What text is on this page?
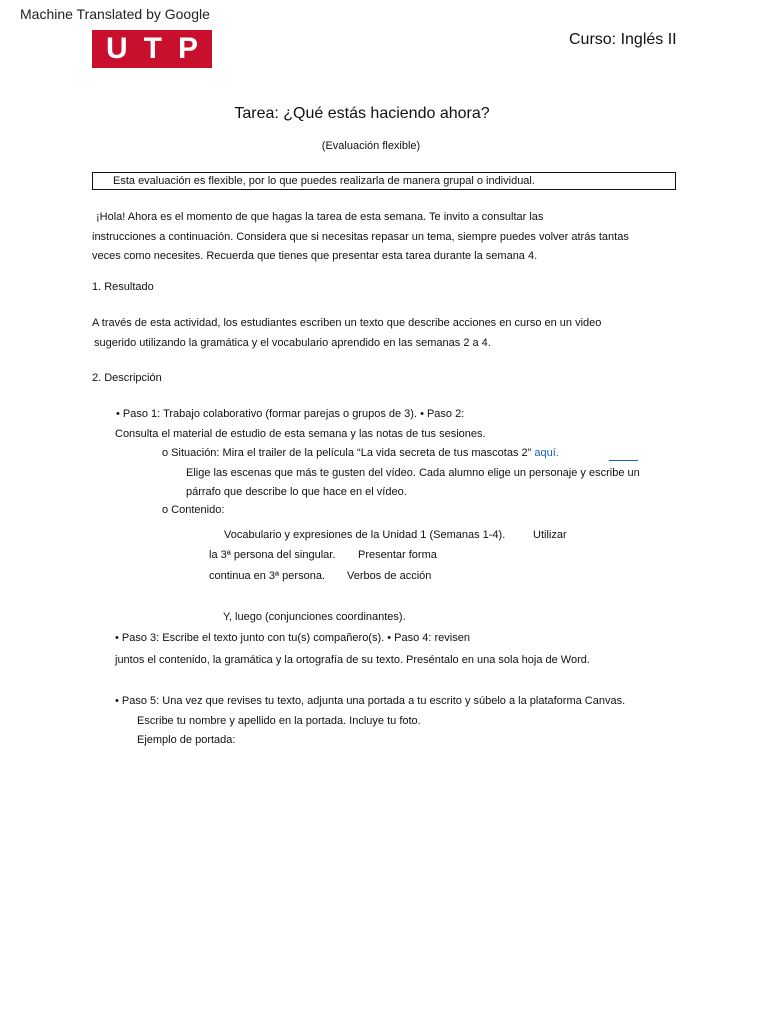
Machine Translated by Google
U T P	Curso: Inglés II
Tarea: ¿Qué estás haciendo ahora?
(Evaluación flexible)
Esta evaluación es flexible, por lo que puedes realizarla de manera grupal o individual.
¡Hola! Ahora es el momento de que hagas la tarea de esta semana. Te invito a consultar las
instrucciones a continuación. Considera que si necesitas repasar un tema, siempre puedes volver atrás tantas
veces como necesites. Recuerda que tienes que presentar esta tarea durante la semana 4.
1. Resultado
A través de esta actividad, los estudiantes escriben un texto que describe acciones en curso en un video
sugerido utilizando la gramática y el vocabulario aprendido en las semanas 2 a 4.
2. Descripción
• Paso 1: Trabajo colaborativo (formar parejas o grupos de 3). • Paso 2:
Consulta el material de estudio de esta semana y las notas de tus sesiones.
o Situación: Mira el trailer de la película “La vida secreta de tus mascotas 2” aquí.
Elige las escenas que más te gusten del vídeo. Cada alumno elige un personaje y escribe un
párrafo que describe lo que hace en el vídeo.
o Contenido:
Vocabulario y expresiones de la Unidad 1 (Semanas 1-4).	Utilizar
la 3ª persona del singular. Presentar forma
continua en 3ª persona. Verbos de acción
Y, luego (conjunciones coordinantes).
• Paso 3: Escribe el texto junto con tu(s) compañero(s). • Paso 4: revisen
juntos el contenido, la gramática y la ortografía de su texto. Preséntalo en una sola hoja de Word.
• Paso 5: Una vez que revises tu texto, adjunta una portada a tu escrito y súbelo a la plataforma Canvas.
Escribe tu nombre y apellido en la portada. Incluye tu foto.
Ejemplo de portada:
